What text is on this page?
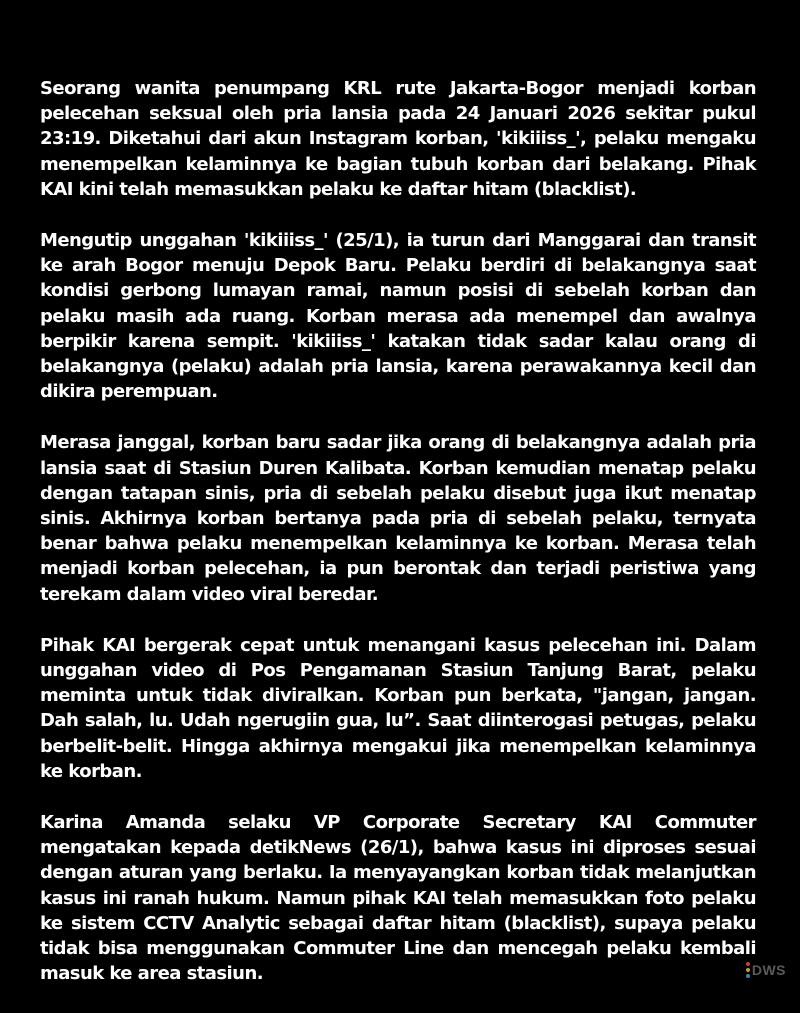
Seorang wanita penumpang KRL rute Jakarta-Bogor menjadi korban pelecehan seksual oleh pria lansia pada 24 Januari 2026 sekitar pukul 23:19. Diketahui dari akun Instagram korban, 'kikiiiss_', pelaku mengaku menempelkan kelaminnya ke bagian tubuh korban dari belakang. Pihak KAI kini telah memasukkan pelaku ke daftar hitam (blacklist).

Mengutip unggahan 'kikiiiss_' (25/1), ia turun dari Manggarai dan transit ke arah Bogor menuju Depok Baru. Pelaku berdiri di belakangnya saat kondisi gerbong lumayan ramai, namun posisi di sebelah korban dan pelaku masih ada ruang. Korban merasa ada menempel dan awalnya berpikir karena sempit. 'kikiiiss_' katakan tidak sadar kalau orang di belakangnya (pelaku) adalah pria lansia, karena perawakannya kecil dan dikira perempuan.

Merasa janggal, korban baru sadar jika orang di belakangnya adalah pria lansia saat di Stasiun Duren Kalibata. Korban kemudian menatap pelaku dengan tatapan sinis, pria di sebelah pelaku disebut juga ikut menatap sinis. Akhirnya korban bertanya pada pria di sebelah pelaku, ternyata benar bahwa pelaku menempelkan kelaminnya ke korban. Merasa telah menjadi korban pelecehan, ia pun berontak dan terjadi peristiwa yang terekam dalam video viral beredar.

Pihak KAI bergerak cepat untuk menangani kasus pelecehan ini. Dalam unggahan video di Pos Pengamanan Stasiun Tanjung Barat, pelaku meminta untuk tidak diviralkan. Korban pun berkata, "jangan, jangan. Dah salah, lu. Udah ngerugiin gua, lu”. Saat diinterogasi petugas, pelaku berbelit-belit. Hingga akhirnya mengakui jika menempelkan kelaminnya ke korban.

Karina Amanda selaku VP Corporate Secretary KAI Commuter mengatakan kepada detikNews (26/1), bahwa kasus ini diproses sesuai dengan aturan yang berlaku. Ia menyayangkan korban tidak melanjutkan kasus ini ranah hukum. Namun pihak KAI telah memasukkan foto pelaku ke sistem CCTV Analytic sebagai daftar hitam (blacklist), supaya pelaku tidak bisa menggunakan Commuter Line dan mencegah pelaku kembali masuk ke area stasiun.	DWS
